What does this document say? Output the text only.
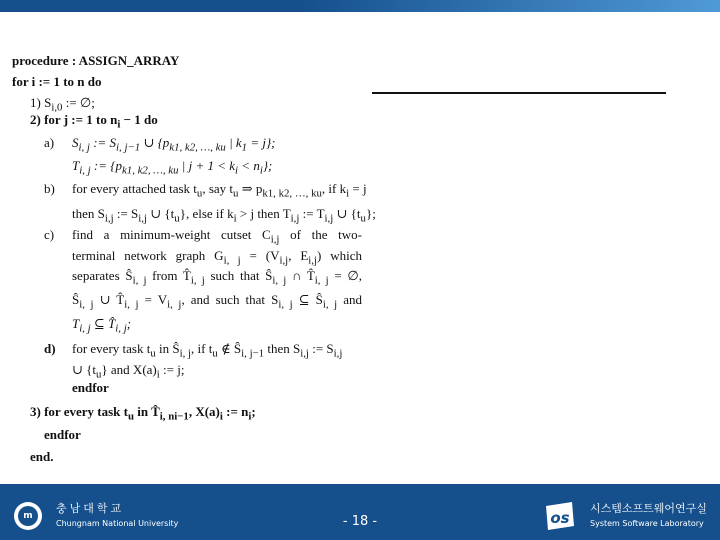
procedure : ASSIGN_ARRAY
for i := 1 to n do
1) $S_{i,0}$ := ∅;
2) for j := 1 to $n_i - 1$ do
a) $S_{i, j}$ := $S_{i, j-1}$ ∪ {$p_{k1, k2, \dots, ku}$ | $k_1 = j$};
$T_{i, j}$ := {$p_{k1, k2, \dots, ku}$ | $j + 1 < k_i < n_i$};
b) for every attached task $t_u$, say $t_u$ ⇒ $p_{k1, k2, \dots, ku}$, if $k_i = j$
then $S_{i,j}$ := $S_{i,j}$ ∪ $\{t_u\}$, else if $k_i > j$ then $T_{i,j}$ := $T_{i,j}$ ∪ $\{t_u\}$;
c) find a minimum-weight cutset $C_{i,j}$ of the two-
terminal network graph $G_{i, j} = (V_{i,j}$, $E_{i,j}$) which
separates $Ŝ_{i, j}$ from $T̂_{i, j}$ such that $Ŝ_{i, j}$ ∩ $T̂_{i, j}$ = ∅,
$Ŝ_{i, j}$ ∪ $T̂_{i, j} = V_{i, j}$, and such that $S_{i, j}$ ⊆ $Ŝ_{i, j}$ and
$T_{i, j}$ ⊆ $T̂_{i, j}$;
d) for every task $t_u$ in $Ŝ_{i, j}$, if $t_u$ ∉ $Ŝ_{i, j-1}$ then $S_{i,j}$ := $S_{i,j}$
∪ $\{t_u\}$ and $X(a)_i$ := j;
endfor
3) for every task $t_u$ in $T̂_{i, ni-1}$, $X(a)_i$ := $n_i$;
endfor
end.
m
충남대학교
Chungnam National University	- 18 -	os
시스템소프트웨어연구실
System Software Laboratory
